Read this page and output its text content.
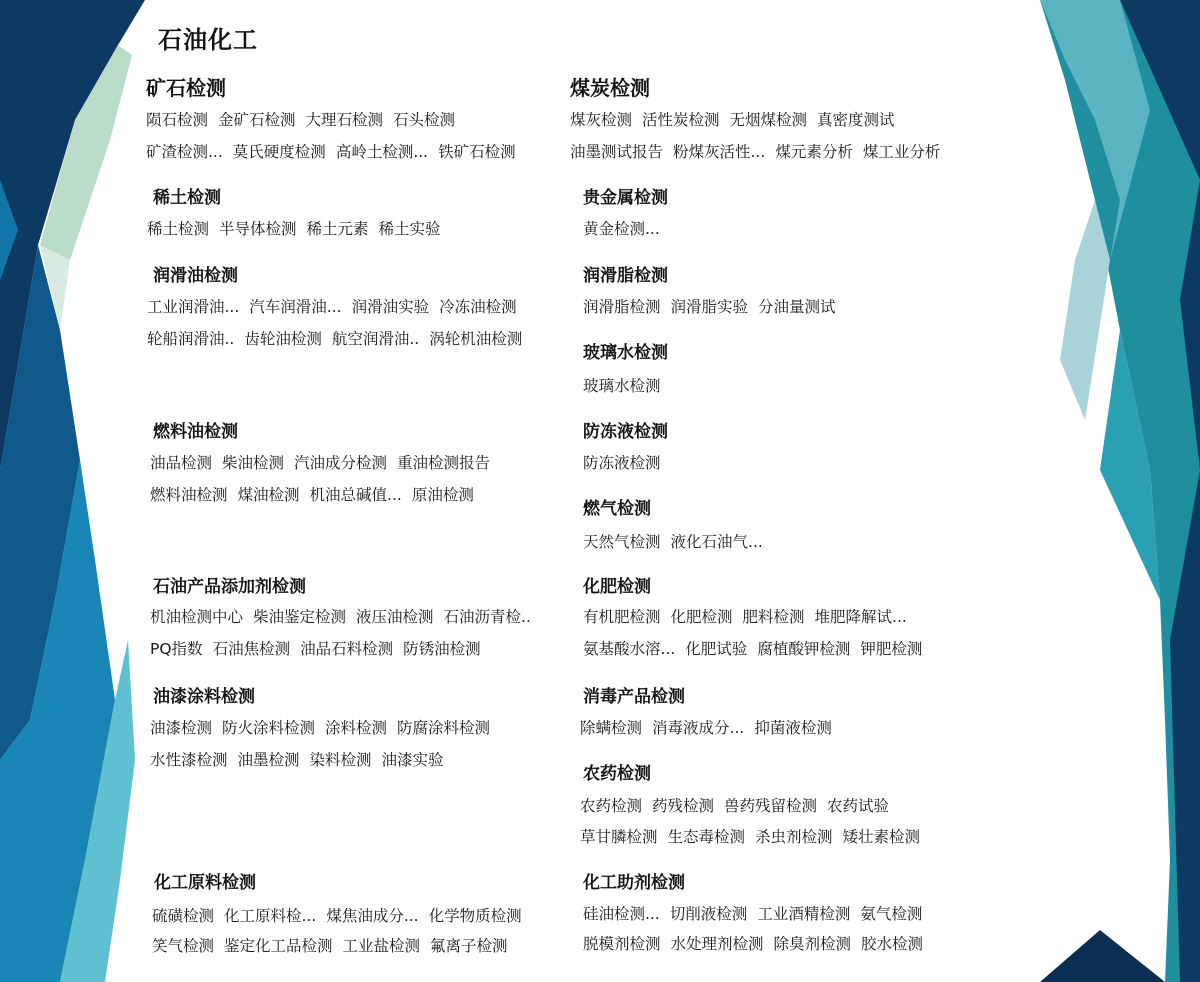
石油化工
矿石检测
陨石检测 金矿石检测 大理石检测 石头检测
矿渣检测... 莫氏硬度检测 高岭土检测... 铁矿石检测
煤炭检测
煤灰检测 活性炭检测 无烟煤检测 真密度测试
油墨测试报告 粉煤灰活性... 煤元素分析 煤工业分析
稀土检测
稀土检测 半导体检测 稀土元素 稀土实验
贵金属检测
黄金检测...
润滑油检测
工业润滑油... 汽车润滑油... 润滑油实验 冷冻油检测
轮船润滑油.. 齿轮油检测 航空润滑油.. 涡轮机油检测
润滑脂检测
润滑脂检测 润滑脂实验 分油量测试
玻璃水检测
玻璃水检测
燃料油检测
油品检测 柴油检测 汽油成分检测 重油检测报告
燃料油检测 煤油检测 机油总碱值... 原油检测
防冻液检测
防冻液检测
燃气检测
天然气检测 液化石油气...
石油产品添加剂检测
机油检测中心 柴油鉴定检测 液压油检测 石油沥青检..
PQ指数 石油焦检测 油品石料检测 防锈油检测
化肥检测
有机肥检测 化肥检测 肥料检测 堆肥降解试...
氨基酸水溶... 化肥试验 腐植酸钾检测 钾肥检测
油漆涂料检测
油漆检测 防火涂料检测 涂料检测 防腐涂料检测
水性漆检测 油墨检测 染料检测 油漆实验
消毒产品检测
除螨检测 消毒液成分... 抑菌液检测
农药检测
农药检测 药残检测 兽药残留检测 农药试验
草甘膦检测 生态毒检测 杀虫剂检测 矮壮素检测
化工原料检测
硫磺检测 化工原料检... 煤焦油成分... 化学物质检测
笑气检测 鉴定化工品检测 工业盐检测 氟离子检测
化工助剂检测
硅油检测... 切削液检测 工业酒精检测 氨气检测
脱模剂检测 水处理剂检测 除臭剂检测 胶水检测
